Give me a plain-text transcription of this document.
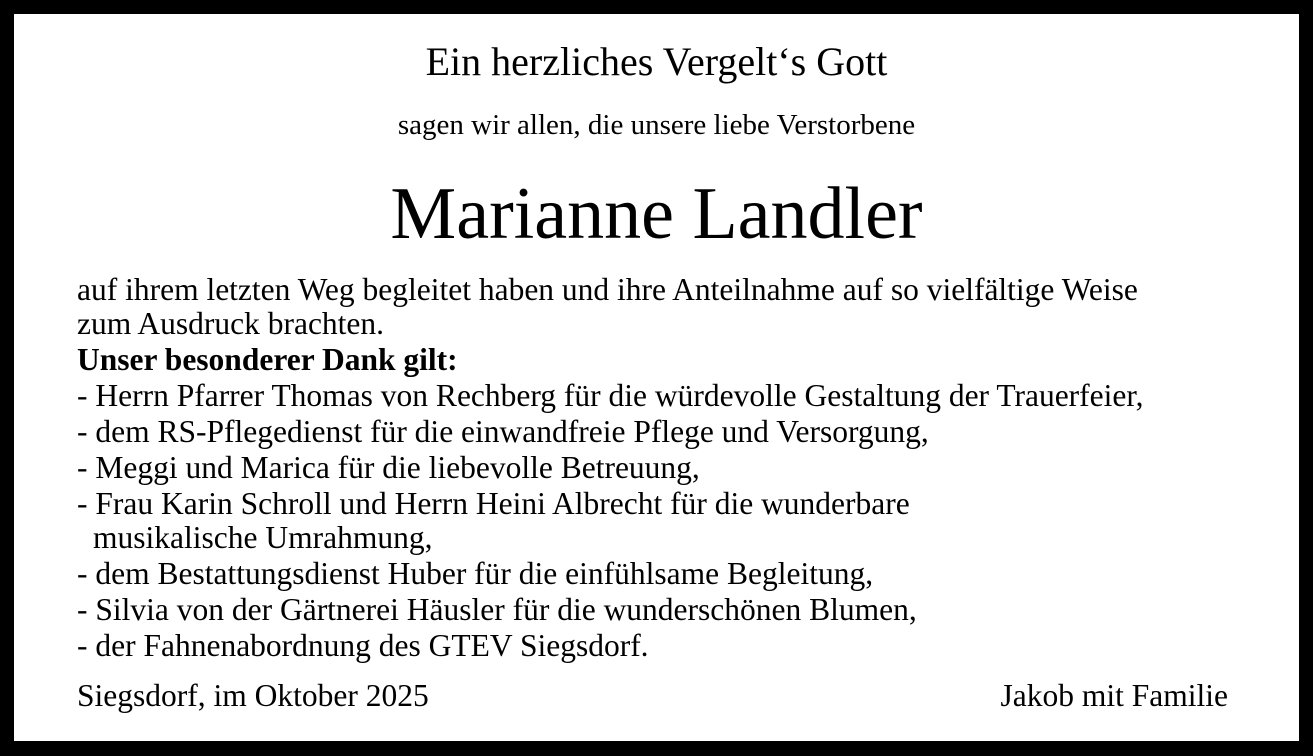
Ein herzliches Vergelt‘s Gott
sagen wir allen, die unsere liebe Verstorbene
Marianne Landler
auf ihrem letzten Weg begleitet haben und ihre Anteilnahme auf so vielfältige Weise
zum Ausdruck brachten.
Unser besonderer Dank gilt:
- Herrn Pfarrer Thomas von Rechberg für die würdevolle Gestaltung der Trauerfeier,
- dem RS-Pflegedienst für die einwandfreie Pflege und Versorgung,
- Meggi und Marica für die liebevolle Betreuung,
- Frau Karin Schroll und Herrn Heini Albrecht für die wunderbare
musikalische Umrahmung,
- dem Bestattungsdienst Huber für die einfühlsame Begleitung,
- Silvia von der Gärtnerei Häusler für die wunderschönen Blumen,
- der Fahnenabordnung des GTEV Siegsdorf.
Siegsdorf, im Oktober 2025	Jakob mit Familie
